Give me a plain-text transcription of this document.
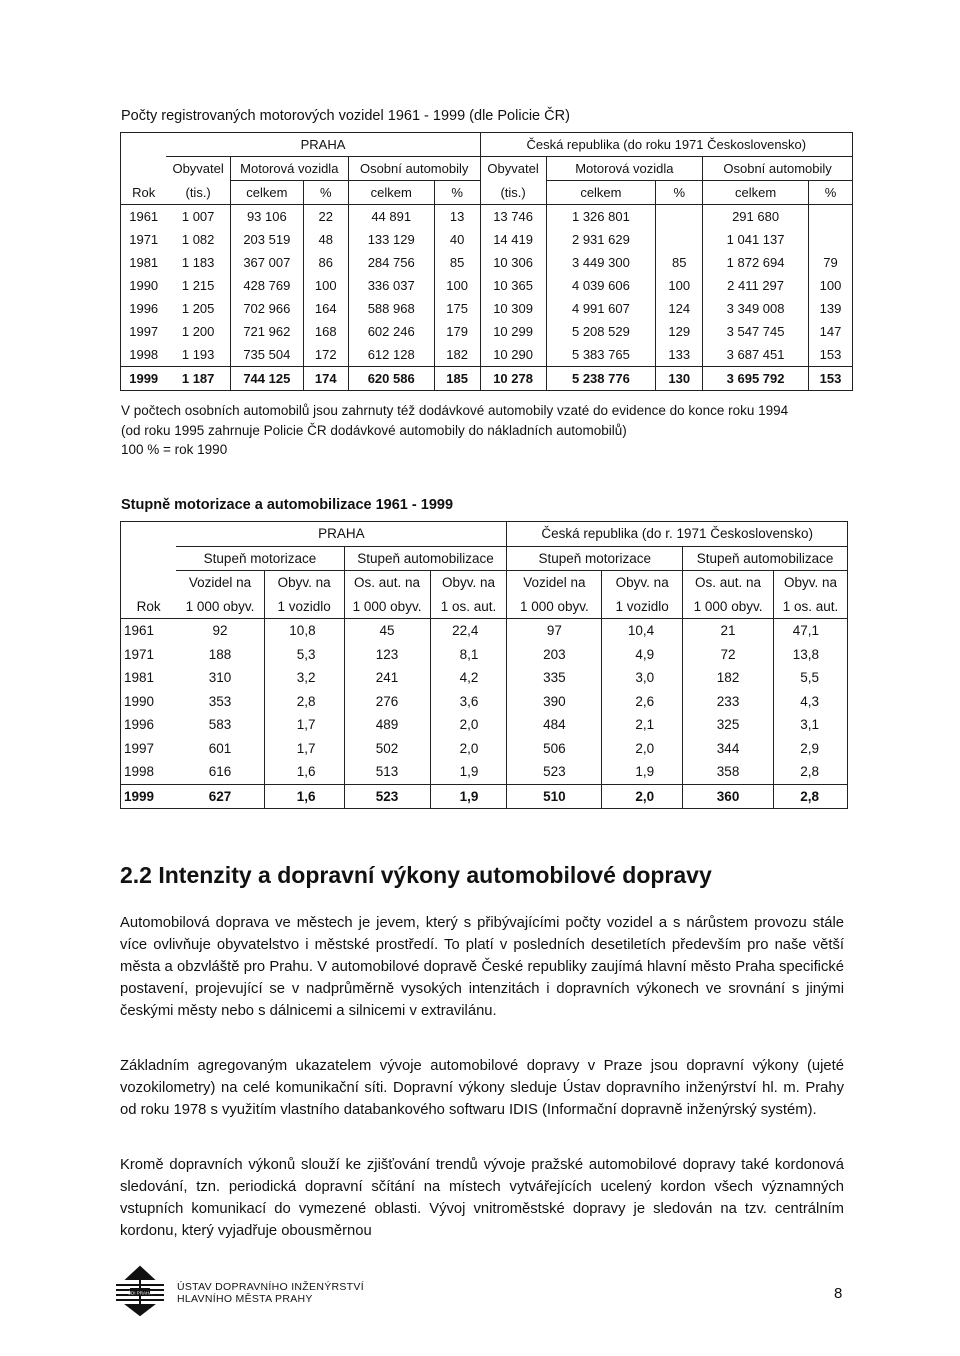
Počty registrovaných motorových vozidel 1961 - 1999 (dle Policie ČR)
	PRAHA					Česká republika (do roku 1971 Československo)				
	Obyvatel	Motorová vozidla		Osobní automobily		Obyvatel	Motorová vozidla		Osobní automobily	
Rok	(tis.)	celkem	%	celkem	%	(tis.)	celkem	%	celkem	%
1961	1 007	93 106	22	44 891	13	13 746	1 326 801		291 680	
1971	1 082	203 519	48	133 129	40	14 419	2 931 629		1 041 137	
1981	1 183	367 007	86	284 756	85	10 306	3 449 300	85	1 872 694	79
1990	1 215	428 769	100	336 037	100	10 365	4 039 606	100	2 411 297	100
1996	1 205	702 966	164	588 968	175	10 309	4 991 607	124	3 349 008	139
1997	1 200	721 962	168	602 246	179	10 299	5 208 529	129	3 547 745	147
1998	1 193	735 504	172	612 128	182	10 290	5 383 765	133	3 687 451	153
1999	1 187	744 125	174	620 586	185	10 278	5 238 776	130	3 695 792	153
V počtech osobních automobilů jsou zahrnuty též dodávkové automobily vzaté do evidence do konce roku 1994
(od roku 1995 zahrnuje Policie ČR dodávkové automobily do nákladních automobilů)
100 % = rok 1990
Stupně motorizace a automobilizace 1961 - 1999
	PRAHA				Česká republika (do r. 1971 Československo)			
	Stupeň motorizace		Stupeň automobilizace		Stupeň motorizace		Stupeň automobilizace	
	Vozidel na	Obyv. na	Os. aut. na	Obyv. na	Vozidel na	Obyv. na	Os. aut. na	Obyv. na
Rok	1 000 obyv.	1 vozidlo	1 000 obyv.	1 os. aut.	1 000 obyv.	1 vozidlo	1 000 obyv.	1 os. aut.
1961	92	10,8	45	22,4	97	10,4	21	47,1
1971	188	5,3	123	8,1	203	4,9	72	13,8
1981	310	3,2	241	4,2	335	3,0	182	5,5
1990	353	2,8	276	3,6	390	2,6	233	4,3
1996	583	1,7	489	2,0	484	2,1	325	3,1
1997	601	1,7	502	2,0	506	2,0	344	2,9
1998	616	1,6	513	1,9	523	1,9	358	2,8
1999	627	1,6	523	1,9	510	2,0	360	2,8
2.2 Intenzity a dopravní výkony automobilové dopravy
Automobilová doprava ve městech je jevem, který s přibývajícími počty vozidel a s nárůstem provozu stále více ovlivňuje obyvatelstvo i městské prostředí. To platí v posledních desetiletích především pro naše větší města a obzvláště pro Prahu. V automobilové dopravě České republiky zaujímá hlavní město Praha specifické postavení, projevující se v nadprůměrně vysokých intenzitách i dopravních výkonech ve srovnání s jinými českými městy nebo s dálnicemi a silnicemi v extravilánu.
Základním agregovaným ukazatelem vývoje automobilové dopravy v Praze jsou dopravní výkony (ujeté vozokilometry) na celé komunikační síti. Dopravní výkony sleduje Ústav dopravního inženýrství hl. m. Prahy od roku 1978 s využitím vlastního databankového softwaru IDIS (Informační dopravně inženýrský systém).
Kromě dopravních výkonů slouží ke zjišťování trendů vývoje pražské automobilové dopravy také kordonová sledování, tzn. periodická dopravní sčítání na místech vytvářejících ucelený kordon všech významných vstupních komunikací do vymezené oblasti. Vývoj vnitroměstské dopravy je sledován na tzv. centrálním kordonu, který vyjadřuje obousměrnou
ÚDI PRAHA ÚSTAV DOPRAVNÍHO INŽENÝRSTVÍ
HLAVNÍHO MĚSTA PRAHY	8
